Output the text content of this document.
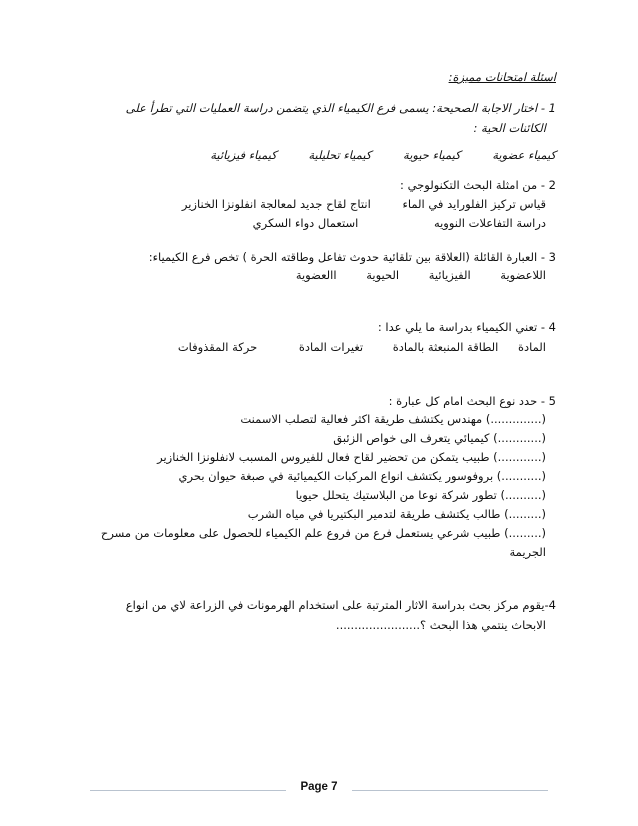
اسئلة امتحانات مميزة:
1 - اختار الاجابة الصحيحة: يسمى فرع الكيمياء الذي يتضمن دراسة العمليات التي تطرأ على
الكائنات الحية :
كيمياء عضوية كيمياء حيوية كيمياء تحليلية كيمياء فيزيائية
2 - من امثلة البحث التكنولوجي :
قياس تركيز الفلورايد في الماء انتاج لقاح جديد لمعالجة انفلونزا الخنازير
دراسة التفاعلات النوويه استعمال دواء السكري
3 - العبارة القائلة (العلاقة بين تلقائية حدوث تفاعل وطاقته الحرة ) تخص فرع الكيمياء:
اللاعضوية الفيزيائية الحيوية االعضوية
4 - تعني الكيمياء بدراسة ما يلي عدا :
المادة الطاقة المنبعثة بالمادة تغيرات المادة حركة المقذوفات
5 - حدد نوع البحث امام كل عبارة :
(..............) مهندس يكتشف طريقة اكثر فعالية لتصلب الاسمنت
(............) كيميائي يتعرف الى خواص الزئبق
(............) طبيب يتمكن من تحضير لقاح فعال للفيروس المسبب لانفلونزا الخنازير
(...........) بروفوسور يكتشف انواع المركبات الكيميائية في صبغة حيوان بحري
(..........) تطور شركة نوعا من البلاستيك يتحلل حيويا
(.........) طالب يكتشف طريقة لتدمير البكتيريا في مياه الشرب
(.........) طبيب شرعي يستعمل فرع من فروع علم الكيمياء للحصول على معلومات من مسرح
الجريمة
4-يقوم مركز بحث بدراسة الاثار المترتبة على استخدام الهرمونات في الزراعة لاي من انواع
الابحاث ينتمي هذا البحث ؟.......................
Page 7
